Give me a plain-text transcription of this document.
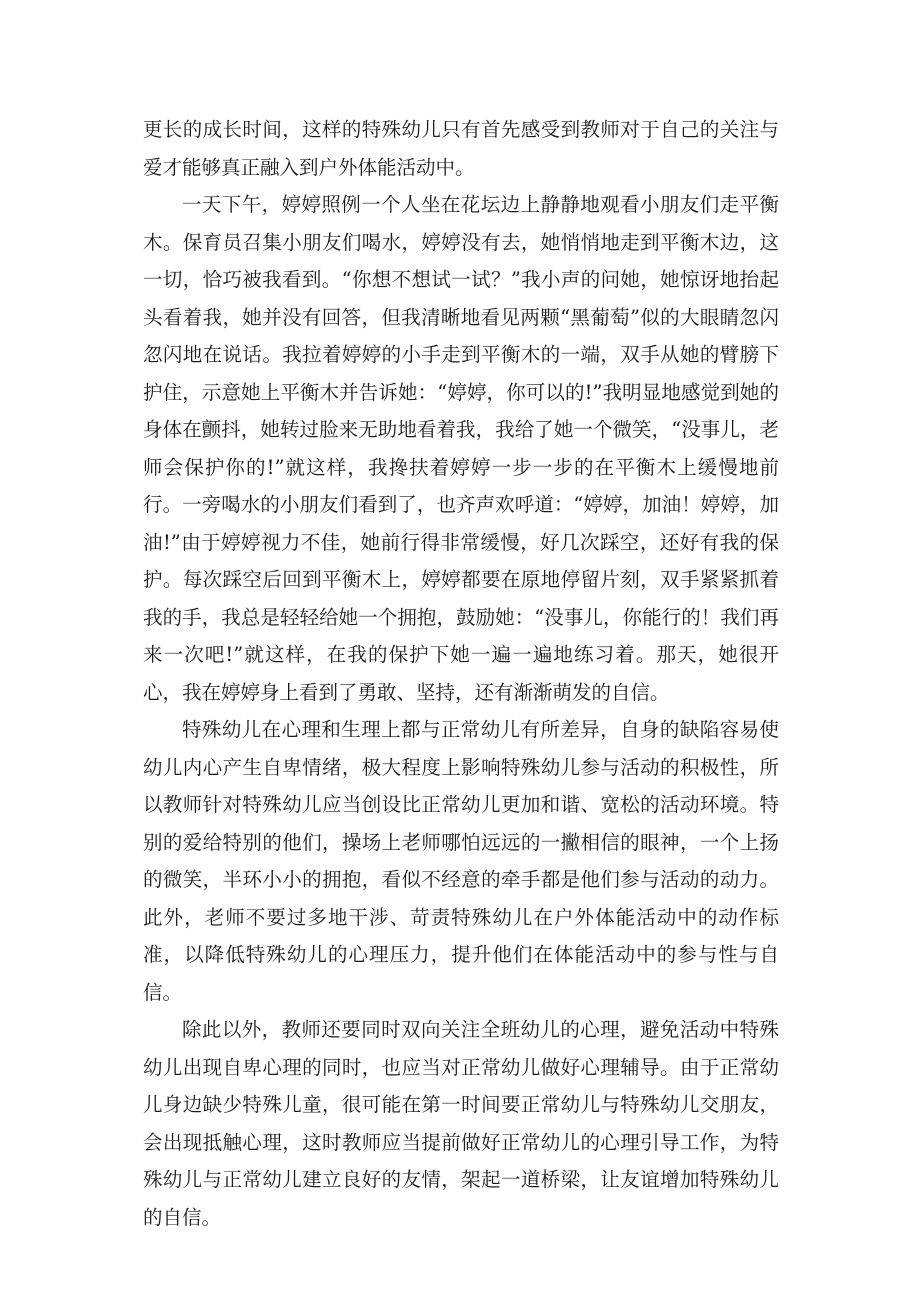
更长的成长时间，这样的特殊幼儿只有首先感受到教师对于自己的关注与爱才能够真正融入到户外体能活动中。

一天下午，婷婷照例一个人坐在花坛边上静静地观看小朋友们走平衡木。保育员召集小朋友们喝水，婷婷没有去，她悄悄地走到平衡木边，这一切，恰巧被我看到。“你想不想试一试？”我小声的问她，她惊讶地抬起头看着我，她并没有回答，但我清晰地看见两颗“黑葡萄”似的大眼睛忽闪忽闪地在说话。我拉着婷婷的小手走到平衡木的一端，双手从她的臂膀下护住，示意她上平衡木并告诉她：“婷婷，你可以的!”我明显地感觉到她的身体在颤抖，她转过脸来无助地看着我，我给了她一个微笑，“没事儿，老师会保护你的!”就这样，我搀扶着婷婷一步一步的在平衡木上缓慢地前行。一旁喝水的小朋友们看到了，也齐声欢呼道：“婷婷，加油！婷婷，加油!”由于婷婷视力不佳，她前行得非常缓慢，好几次踩空，还好有我的保护。每次踩空后回到平衡木上，婷婷都要在原地停留片刻，双手紧紧抓着我的手，我总是轻轻给她一个拥抱，鼓励她：“没事儿，你能行的！我们再来一次吧!”就这样，在我的保护下她一遍一遍地练习着。那天，她很开心，我在婷婷身上看到了勇敢、坚持，还有渐渐萌发的自信。

特殊幼儿在心理和生理上都与正常幼儿有所差异，自身的缺陷容易使幼儿内心产生自卑情绪，极大程度上影响特殊幼儿参与活动的积极性，所以教师针对特殊幼儿应当创设比正常幼儿更加和谐、宽松的活动环境。特别的爱给特别的他们，操场上老师哪怕远远的一撇相信的眼神，一个上扬的微笑，半环小小的拥抱，看似不经意的牵手都是他们参与活动的动力。此外，老师不要过多地干涉、苛责特殊幼儿在户外体能活动中的动作标准，以降低特殊幼儿的心理压力，提升他们在体能活动中的参与性与自信。

除此以外，教师还要同时双向关注全班幼儿的心理，避免活动中特殊幼儿出现自卑心理的同时，也应当对正常幼儿做好心理辅导。由于正常幼儿身边缺少特殊儿童，很可能在第一时间要正常幼儿与特殊幼儿交朋友，会出现抵触心理，这时教师应当提前做好正常幼儿的心理引导工作，为特殊幼儿与正常幼儿建立良好的友情，架起一道桥梁，让友谊增加特殊幼儿的自信。
